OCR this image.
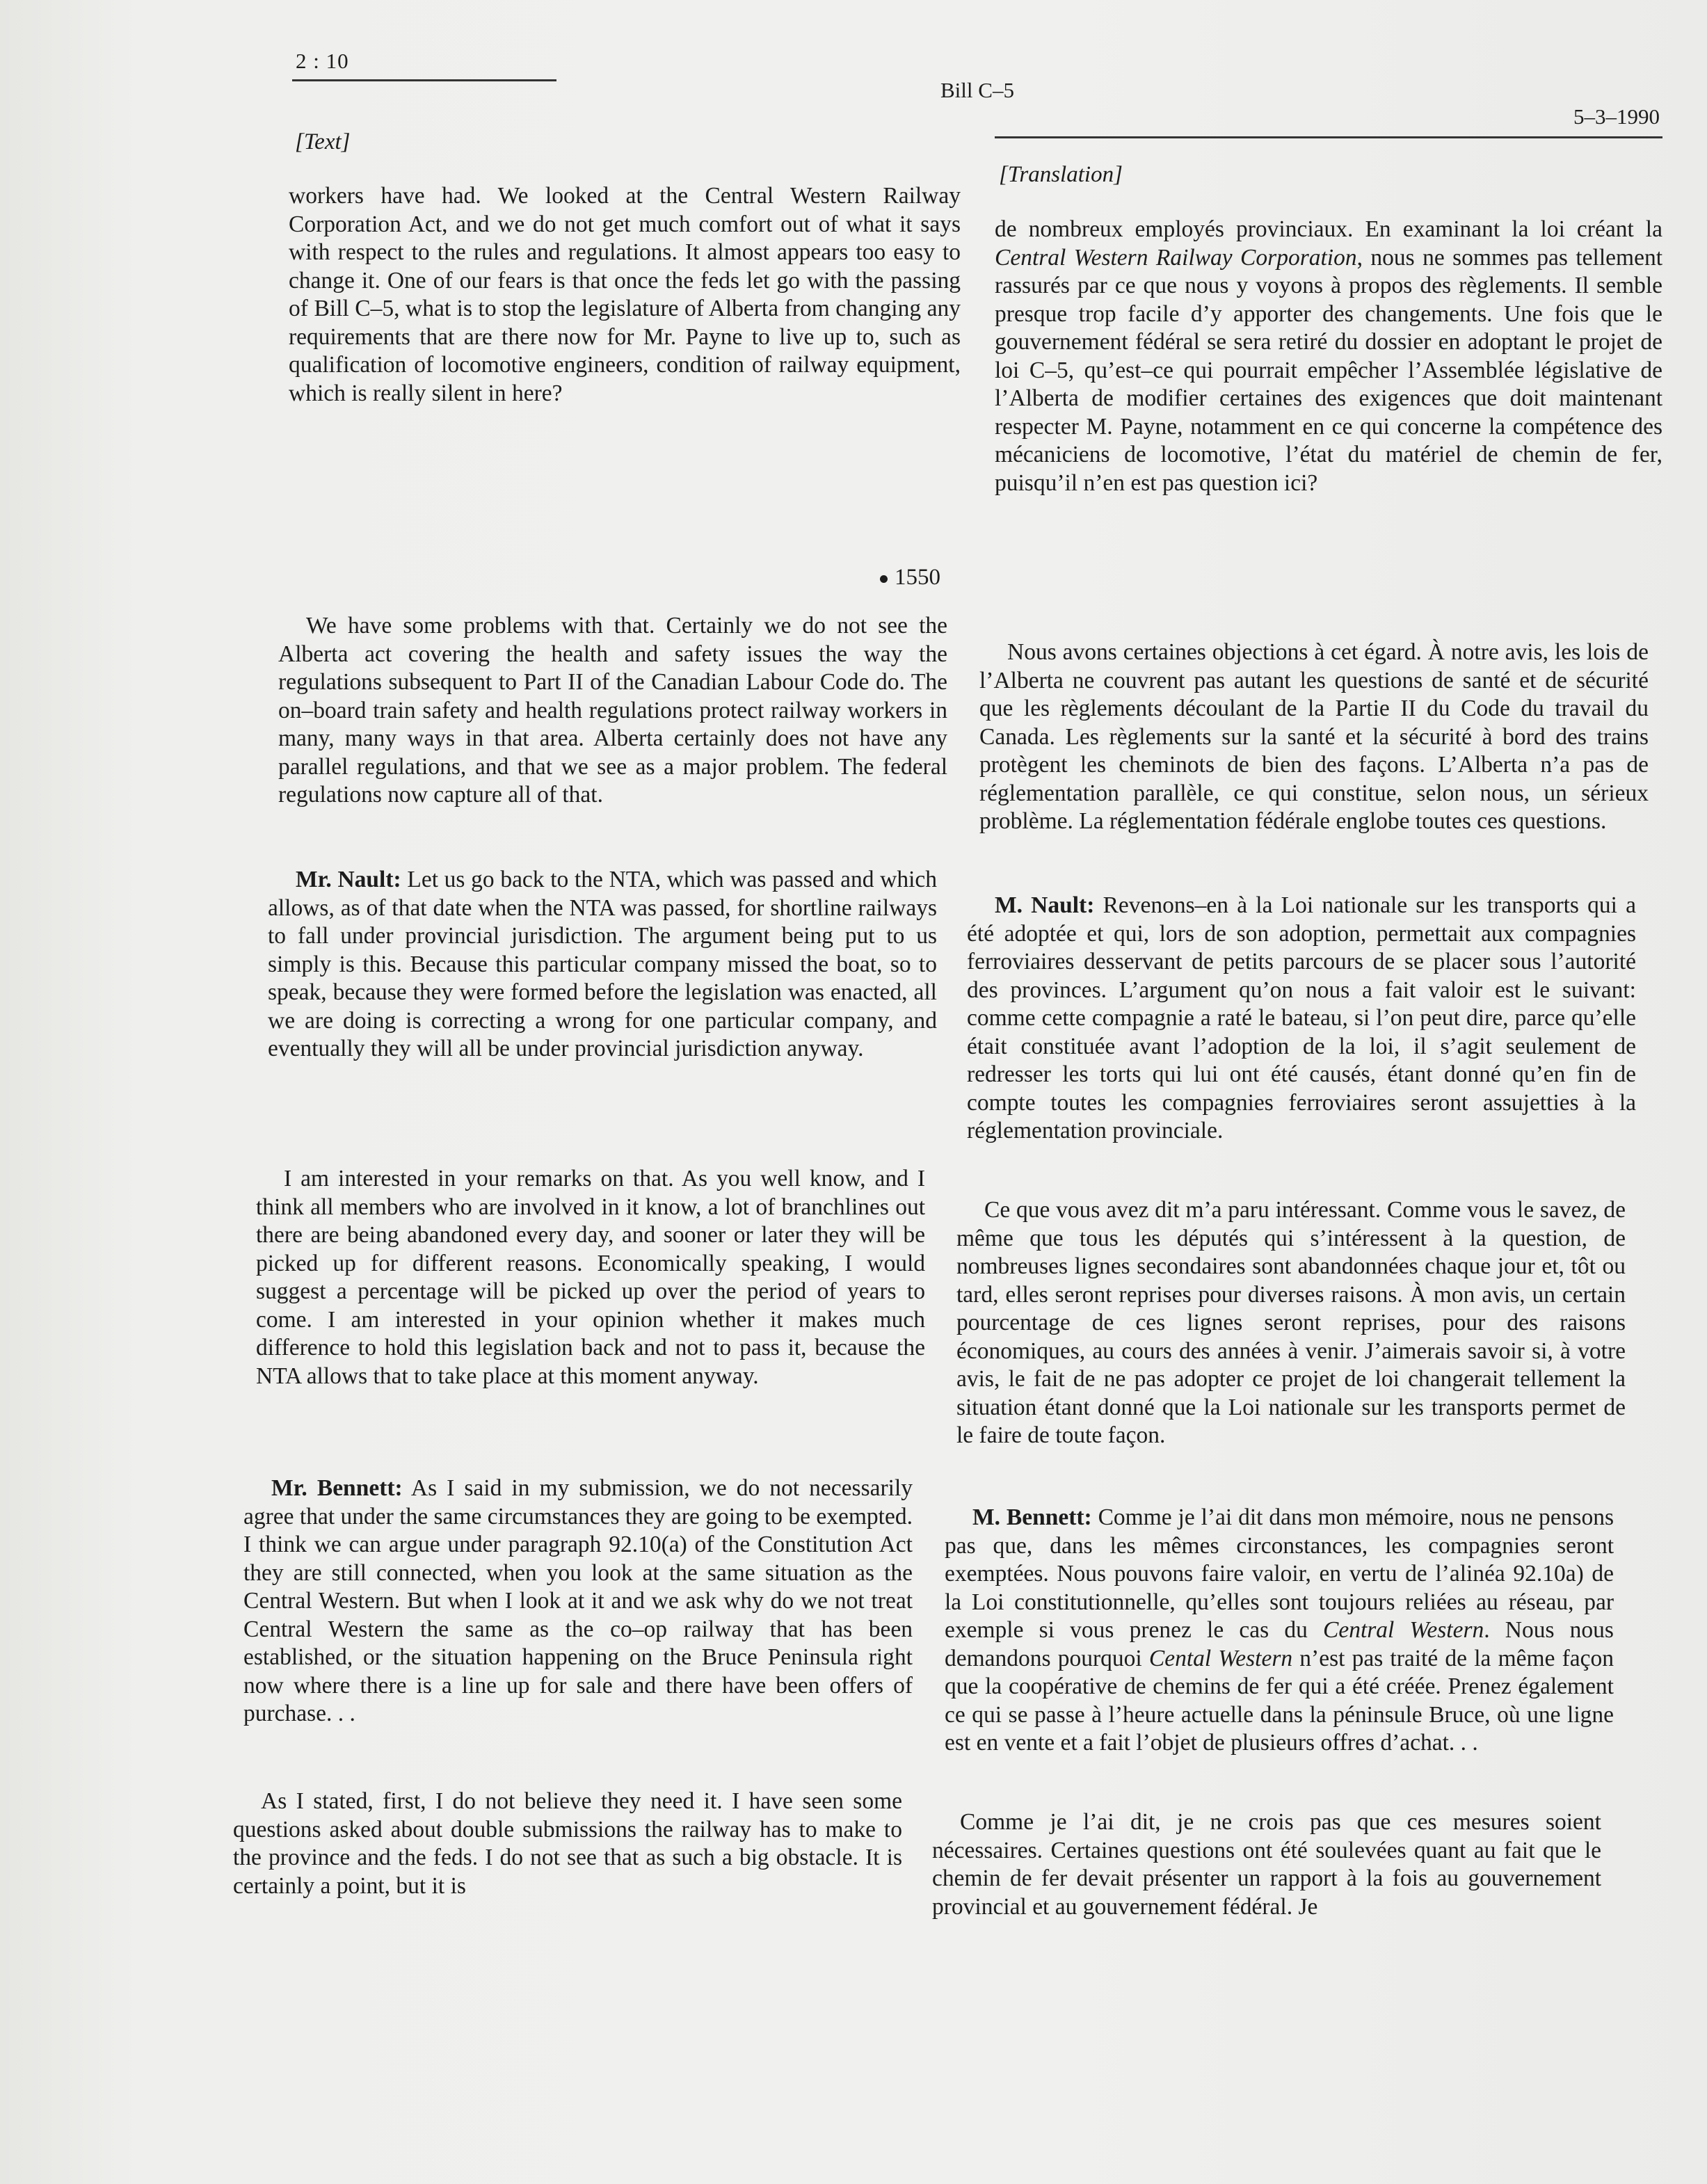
2 : 10
Bill C–5
5–3–1990
[Text]
[Translation]
workers have had. We looked at the Central Western Railway Corporation Act, and we do not get much comfort out of what it says with respect to the rules and regulations. It almost appears too easy to change it. One of our fears is that once the feds let go with the passing of Bill C–5, what is to stop the legislature of Alberta from changing any requirements that are there now for Mr. Payne to live up to, such as qualification of locomotive engineers, condition of railway equipment, which is really silent in here?
1550
We have some problems with that. Certainly we do not see the Alberta act covering the health and safety issues the way the regulations subsequent to Part II of the Canadian Labour Code do. The on–board train safety and health regulations protect railway workers in many, many ways in that area. Alberta certainly does not have any parallel regulations, and that we see as a major problem. The federal regulations now capture all of that.
Mr. Nault: Let us go back to the NTA, which was passed and which allows, as of that date when the NTA was passed, for shortline railways to fall under provincial jurisdiction. The argument being put to us simply is this. Because this particular company missed the boat, so to speak, because they were formed before the legislation was enacted, all we are doing is correcting a wrong for one particular company, and eventually they will all be under provincial jurisdiction anyway.
I am interested in your remarks on that. As you well know, and I think all members who are involved in it know, a lot of branchlines out there are being abandoned every day, and sooner or later they will be picked up for different reasons. Economically speaking, I would suggest a percentage will be picked up over the period of years to come. I am interested in your opinion whether it makes much difference to hold this legislation back and not to pass it, because the NTA allows that to take place at this moment anyway.
Mr. Bennett: As I said in my submission, we do not necessarily agree that under the same circumstances they are going to be exempted. I think we can argue under paragraph 92.10(a) of the Constitution Act they are still connected, when you look at the same situation as the Central Western. But when I look at it and we ask why do we not treat Central Western the same as the co–op railway that has been established, or the situation happening on the Bruce Peninsula right now where there is a line up for sale and there have been offers of purchase. . .
As I stated, first, I do not believe they need it. I have seen some questions asked about double submissions the railway has to make to the province and the feds. I do not see that as such a big obstacle. It is certainly a point, but it is
de nombreux employés provinciaux. En examinant la loi créant la Central Western Railway Corporation, nous ne sommes pas tellement rassurés par ce que nous y voyons à propos des règlements. Il semble presque trop facile d’y apporter des changements. Une fois que le gouvernement fédéral se sera retiré du dossier en adoptant le projet de loi C–5, qu’est–ce qui pourrait empêcher l’Assemblée législative de l’Alberta de modifier certaines des exigences que doit maintenant respecter M. Payne, notamment en ce qui concerne la compétence des mécaniciens de locomotive, l’état du matériel de chemin de fer, puisqu’il n’en est pas question ici?
Nous avons certaines objections à cet égard. À notre avis, les lois de l’Alberta ne couvrent pas autant les questions de santé et de sécurité que les règlements découlant de la Partie II du Code du travail du Canada. Les règlements sur la santé et la sécurité à bord des trains protègent les cheminots de bien des façons. L’Alberta n’a pas de réglementation parallèle, ce qui constitue, selon nous, un sérieux problème. La réglementation fédérale englobe toutes ces questions.
M. Nault: Revenons–en à la Loi nationale sur les transports qui a été adoptée et qui, lors de son adoption, permettait aux compagnies ferroviaires desservant de petits parcours de se placer sous l’autorité des provinces. L’argument qu’on nous a fait valoir est le suivant: comme cette compagnie a raté le bateau, si l’on peut dire, parce qu’elle était constituée avant l’adoption de la loi, il s’agit seulement de redresser les torts qui lui ont été causés, étant donné qu’en fin de compte toutes les compagnies ferroviaires seront assujetties à la réglementation provinciale.
Ce que vous avez dit m’a paru intéressant. Comme vous le savez, de même que tous les députés qui s’intéressent à la question, de nombreuses lignes secondaires sont abandonnées chaque jour et, tôt ou tard, elles seront reprises pour diverses raisons. À mon avis, un certain pourcentage de ces lignes seront reprises, pour des raisons économiques, au cours des années à venir. J’aimerais savoir si, à votre avis, le fait de ne pas adopter ce projet de loi changerait tellement la situation étant donné que la Loi nationale sur les transports permet de le faire de toute façon.
M. Bennett: Comme je l’ai dit dans mon mémoire, nous ne pensons pas que, dans les mêmes circonstances, les compagnies seront exemptées. Nous pouvons faire valoir, en vertu de l’alinéa 92.10a) de la Loi constitutionnelle, qu’elles sont toujours reliées au réseau, par exemple si vous prenez le cas du Central Western. Nous nous demandons pourquoi Cental Western n’est pas traité de la même façon que la coopérative de chemins de fer qui a été créée. Prenez également ce qui se passe à l’heure actuelle dans la péninsule Bruce, où une ligne est en vente et a fait l’objet de plusieurs offres d’achat. . .
Comme je l’ai dit, je ne crois pas que ces mesures soient nécessaires. Certaines questions ont été soulevées quant au fait que le chemin de fer devait présenter un rapport à la fois au gouvernement provincial et au gouvernement fédéral. Je
